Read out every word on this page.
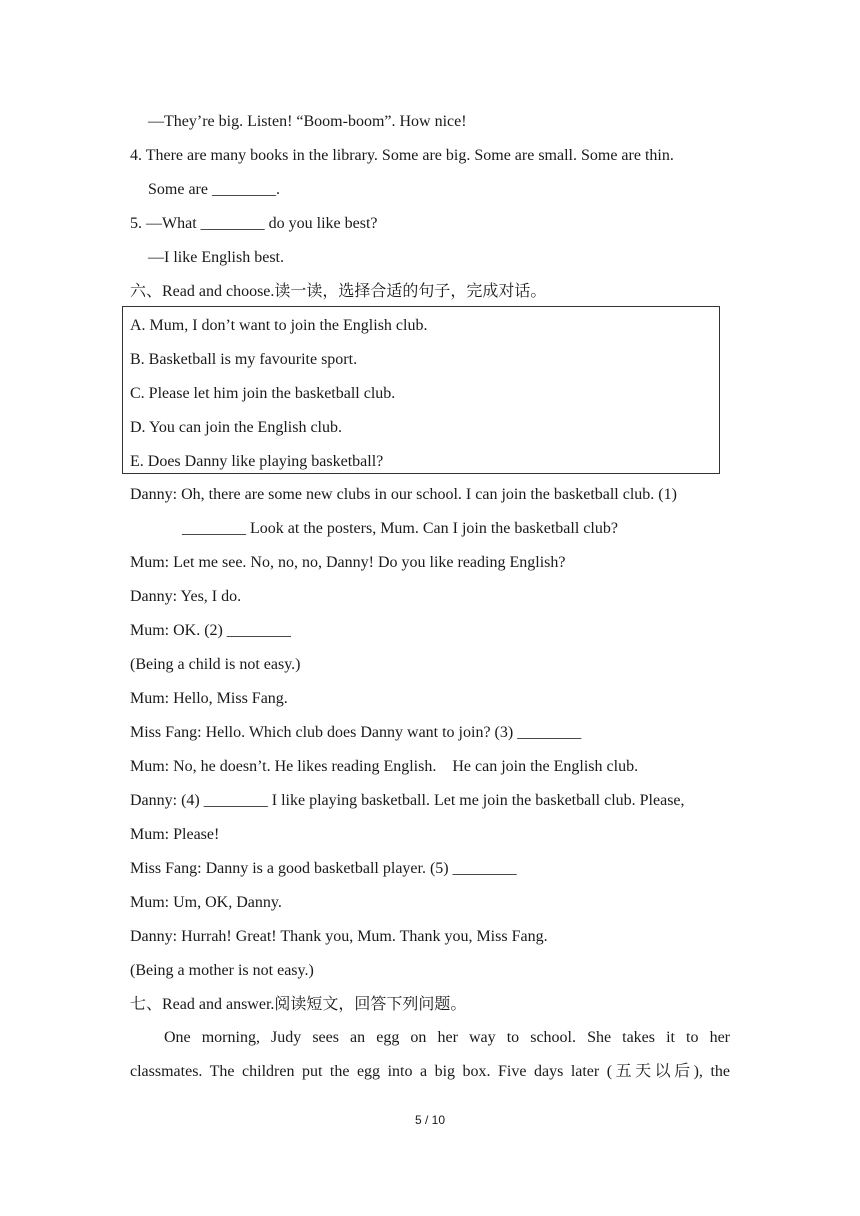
—They’re big. Listen! “Boom-boom”. How nice!
4. There are many books in the library. Some are big. Some are small. Some are thin.
Some are ________.
5. —What ________ do you like best?
—I like English best.
六、Read and choose.读一读，选择合适的句子，完成对话。
A. Mum, I don’t want to join the English club.
B. Basketball is my favourite sport.
C. Please let him join the basketball club.
D. You can join the English club.
E. Does Danny like playing basketball?
Danny: Oh, there are some new clubs in our school. I can join the basketball club. (1)
________ Look at the posters, Mum. Can I join the basketball club?
Mum: Let me see. No, no, no, Danny! Do you like reading English?
Danny: Yes, I do.
Mum: OK. (2) ________
(Being a child is not easy.)
Mum: Hello, Miss Fang.
Miss Fang: Hello. Which club does Danny want to join? (3) ________
Mum: No, he doesn’t. He likes reading English.    He can join the English club.
Danny: (4) ________ I like playing basketball. Let me join the basketball club. Please,
Mum: Please!
Miss Fang: Danny is a good basketball player. (5) ________
Mum: Um, OK, Danny.
Danny: Hurrah! Great! Thank you, Mum. Thank you, Miss Fang.
(Being a mother is not easy.)
七、Read and answer.阅读短文，回答下列问题。
One morning, Judy sees an egg on her way to school. She takes it to her
classmates. The children put the egg into a big box. Five days later (五天以后), the
5 / 10
